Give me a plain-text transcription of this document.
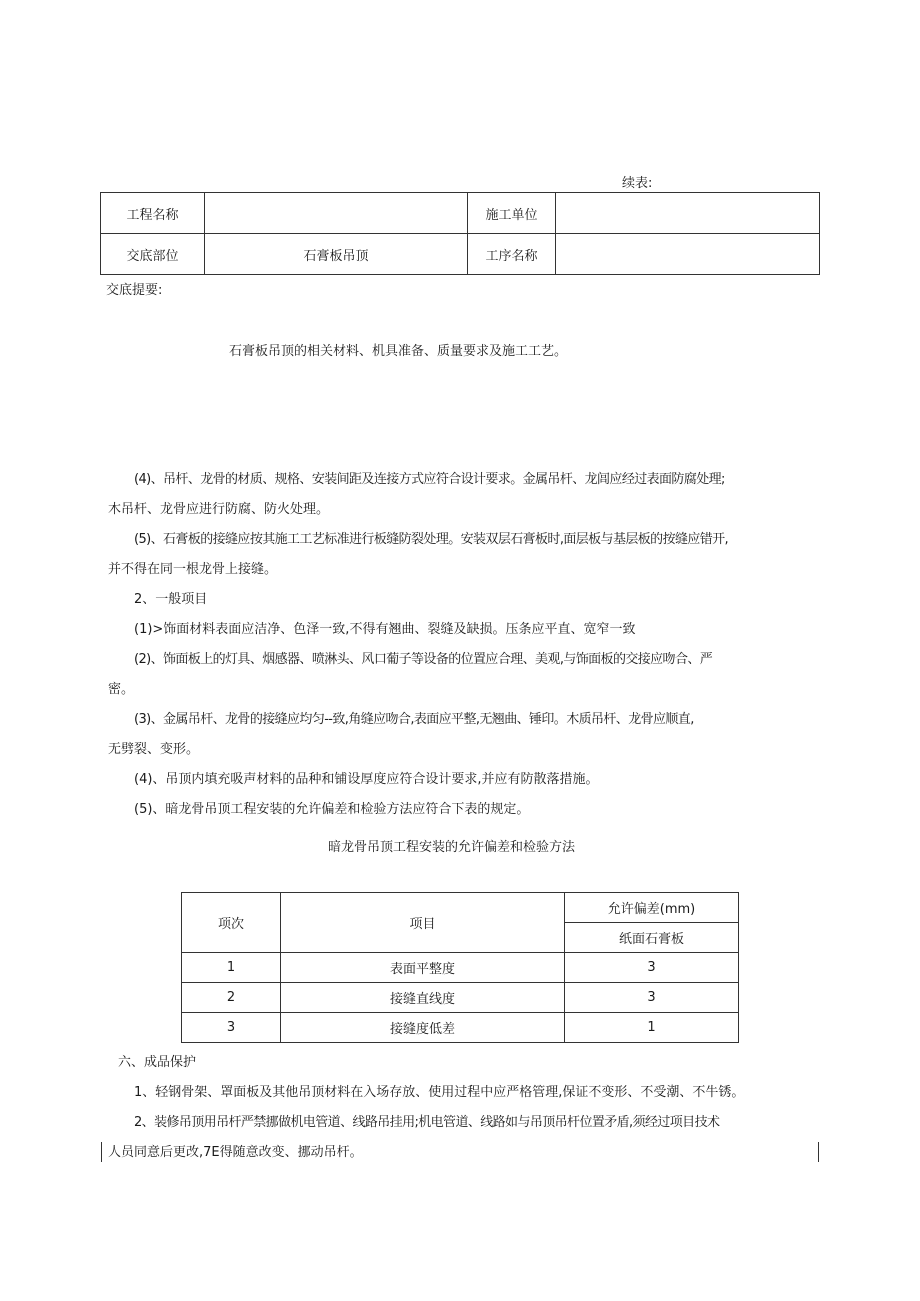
续表:
工程名称		施工单位	
交底部位	石膏板吊顶	工序名称	
交底提要:
石膏板吊顶的相关材料、机具准备、质量要求及施工工艺。
(4)、吊杆、龙骨的材质、规格、安装间距及连接方式应符合设计要求。金属吊杆、龙闾应经过表面防腐处理;
木吊杆、龙骨应进行防腐、防火处理。
(5)、石膏板的接缝应按其施工工艺标准进行板缝防裂处理。安装双层石膏板时,面层板与基层板的按缝应错开,
并不得在同一根龙骨上接缝。
2、一般项目
(1)>饰面材料表面应洁净、色泽一致,不得有翘曲、裂缝及缺损。压条应平直、宽窄一致
(2)、饰面板上的灯具、烟感器、喷淋头、风口葡子等设备的位置应合理、美观,与饰面板的交接应吻合、严
密。
(3)、金属吊杆、龙骨的接缝应均匀--致,角缝应吻合,表面应平整,无翘曲、锤印。木质吊杆、龙骨应顺直,
无劈裂、变形。
(4)、吊顶内填充吸声材料的品种和铺设厚度应符合设计要求,并应有防散落措施。
(5)、暗龙骨吊顶工程安装的允许偏差和检验方法应符合下表的规定。
暗龙骨吊顶工程安装的允许偏差和检验方法
项次	项目	允许偏差(mm)
		纸面石膏板
1	表面平整度	3
2	接缝直线度	3
3	接缝度低差	1
六、成品保护
1、轻钢骨架、罩面板及其他吊顶材料在入场存放、使用过程中应严格管理,保证不变形、不受潮、不牛锈。
2、装修吊顶用吊杆严禁挪做机电管道、线路吊挂用;机电管道、线路如与吊顶吊杆位置矛盾,须经过项目技术
人员同意后更改,7E得随意改变、挪动吊杆。
